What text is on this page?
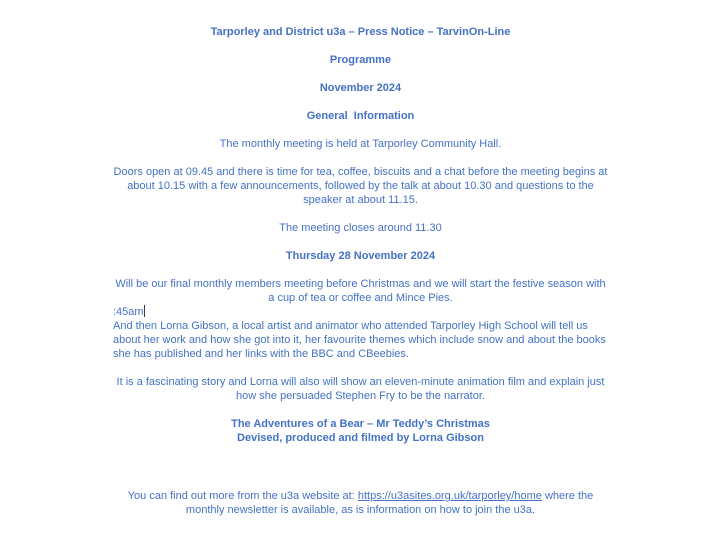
Tarporley and District u3a – Press Notice – TarvinOn-Line

Programme

November 2024

General  Information

The monthly meeting is held at Tarporley Community Hall.

Doors open at 09.45 and there is time for tea, coffee, biscuits and a chat before the meeting begins at about 10.15 with a few announcements, followed by the talk at about 10.30 and questions to the speaker at about 11.15.

The meeting closes around 11.30

Thursday 28 November 2024

Will be our final monthly members meeting before Christmas and we will start the festive season with a cup of tea or coffee and Mince Pies.

:45am

And then Lorna Gibson, a local artist and animator who attended Tarporley High School will tell us about her work and how she got into it, her favourite themes which include snow and about the books she has published and her links with the BBC and CBeebies.

It is a fascinating story and Lorna will also will show an eleven-minute animation film and explain just how she persuaded Stephen Fry to be the narrator.

The Adventures of a Bear – Mr Teddy’s Christmas

Devised, produced and filmed by Lorna Gibson

You can find out more from the u3a website at: https://u3asites.org.uk/tarporley/home where the monthly newsletter is available, as is information on how to join the u3a.
